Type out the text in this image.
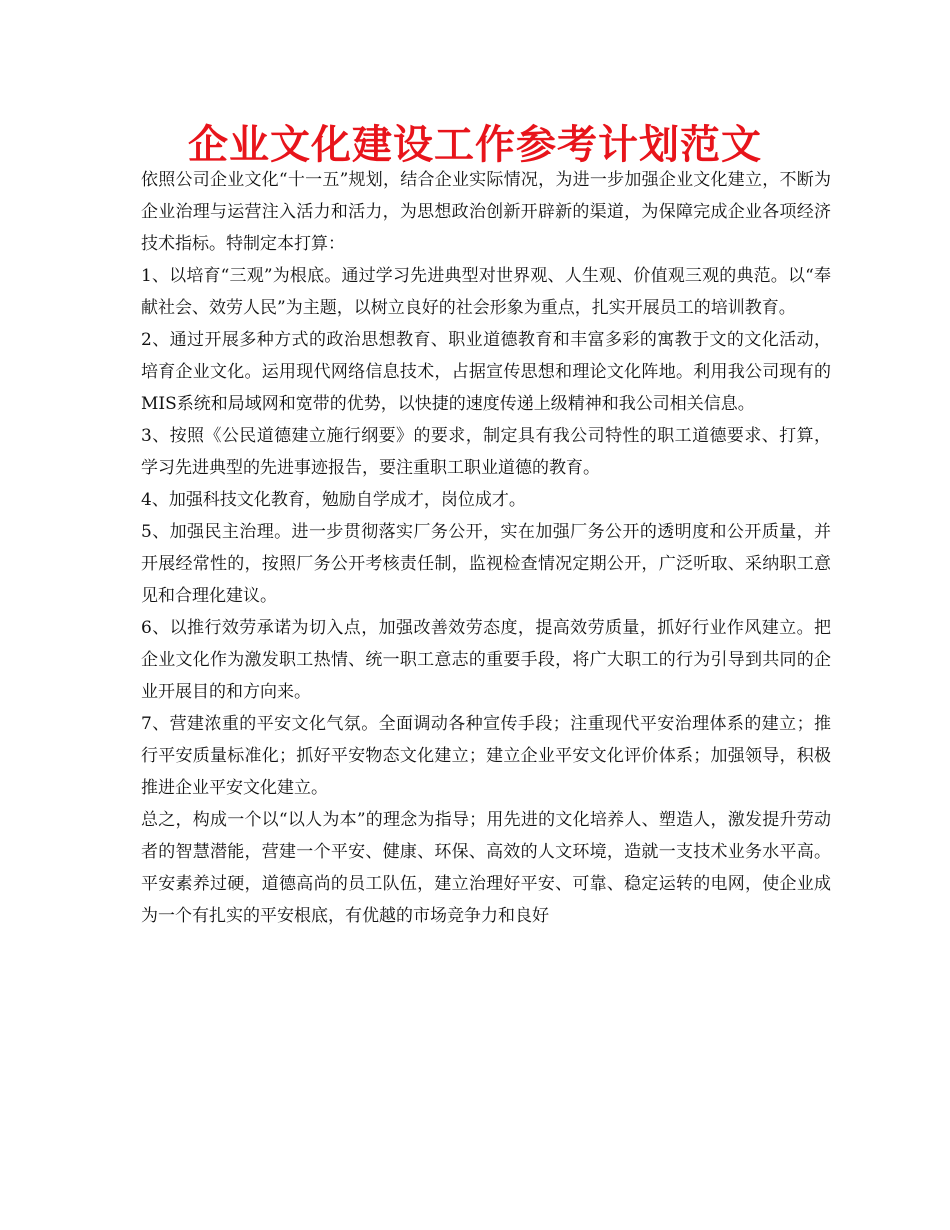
企业文化建设工作参考计划范文

依照公司企业文化“十一五”规划，结合企业实际情况，为进一步加强企业文化建立，不断为企业治理与运营注入活力和活力，为思想政治创新开辟新的渠道，为保障完成企业各项经济技术指标。特制定本打算：

1、以培育“三观”为根底。通过学习先进典型对世界观、人生观、价值观三观的典范。以“奉献社会、效劳人民”为主题，以树立良好的社会形象为重点，扎实开展员工的培训教育。

2、通过开展多种方式的政治思想教育、职业道德教育和丰富多彩的寓教于文的文化活动，培育企业文化。运用现代网络信息技术，占据宣传思想和理论文化阵地。利用我公司现有的MIS系统和局域网和宽带的优势，以快捷的速度传递上级精神和我公司相关信息。

3、按照《公民道德建立施行纲要》的要求，制定具有我公司特性的职工道德要求、打算，学习先进典型的先进事迹报告，要注重职工职业道德的教育。

4、加强科技文化教育，勉励自学成才，岗位成才。

5、加强民主治理。进一步贯彻落实厂务公开，实在加强厂务公开的透明度和公开质量，并开展经常性的，按照厂务公开考核责任制，监视检查情况定期公开，广泛听取、采纳职工意见和合理化建议。

6、以推行效劳承诺为切入点，加强改善效劳态度，提高效劳质量，抓好行业作风建立。把企业文化作为激发职工热情、统一职工意志的重要手段，将广大职工的行为引导到共同的企业开展目的和方向来。

7、营建浓重的平安文化气氛。全面调动各种宣传手段；注重现代平安治理体系的建立；推行平安质量标准化；抓好平安物态文化建立；建立企业平安文化评价体系；加强领导，积极推进企业平安文化建立。

总之，构成一个以“以人为本”的理念为指导；用先进的文化培养人、塑造人，激发提升劳动者的智慧潜能，营建一个平安、健康、环保、高效的人文环境，造就一支技术业务水平高。平安素养过硬，道德高尚的员工队伍，建立治理好平安、可靠、稳定运转的电网，使企业成为一个有扎实的平安根底，有优越的市场竞争力和良好
